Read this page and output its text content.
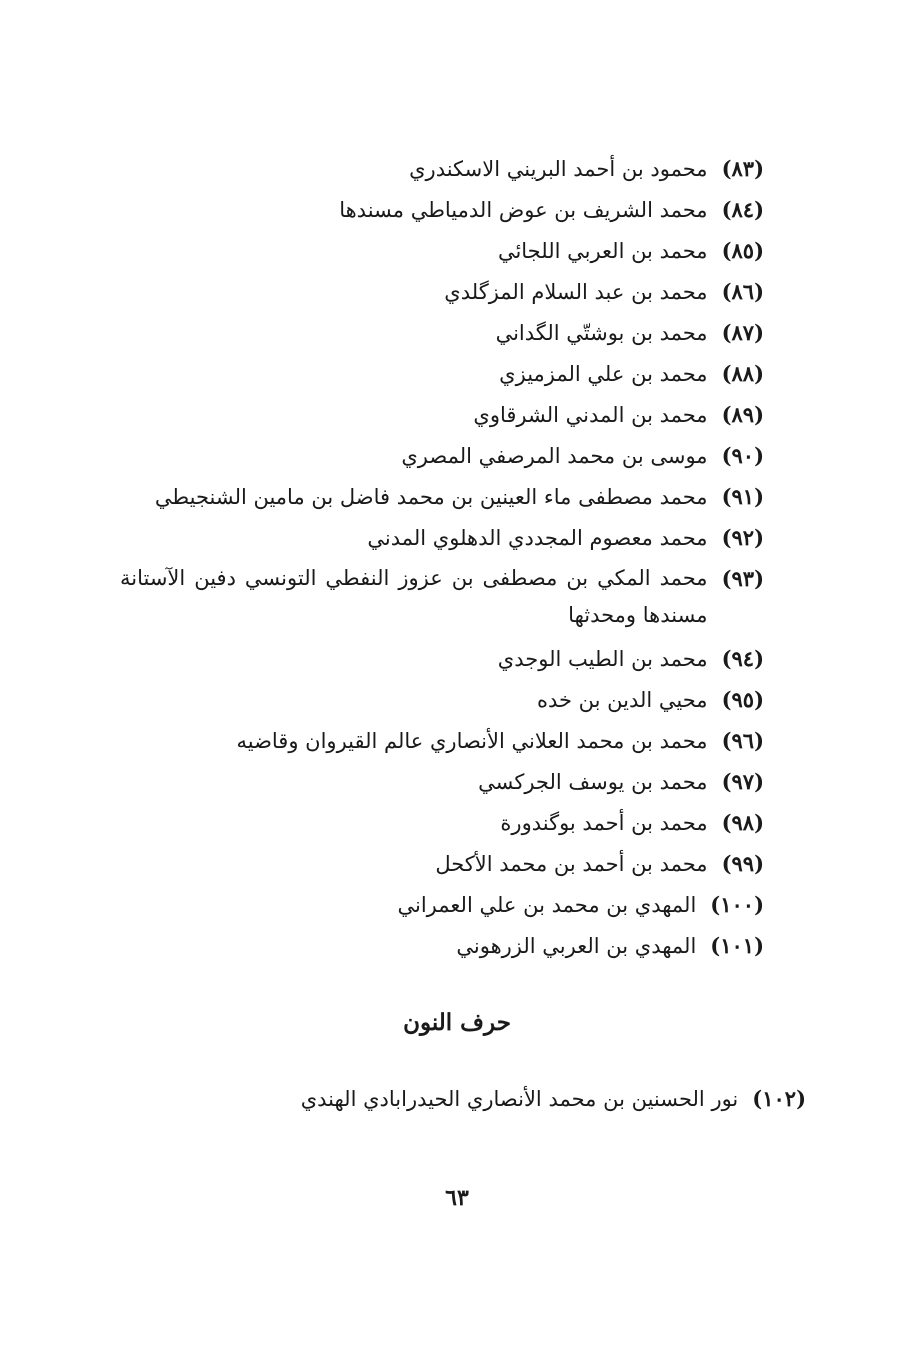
(٨٣)
محمود بن أحمد البريني الاسكندري
(٨٤)
محمد الشريف بن عوض الدمياطي مسندها
(٨٥)
محمد بن العربي اللجائي
(٨٦)
محمد بن عبد السلام المزگلدي
(٨٧)
محمد بن بوشتّي الگداني
(٨٨)
محمد بن علي المزميزي
(٨٩)
محمد بن المدني الشرقاوي
(٩٠)
موسى بن محمد المرصفي المصري
(٩١)
محمد مصطفى ماء العينين بن محمد فاضل بن مامين الشنجيطي
(٩٢)
محمد معصوم المجددي الدهلوي المدني
(٩٣)
محمد المكي بن مصطفى بن عزوز النفطي التونسي دفين الآستانة مسندها ومحدثها
(٩٤)
محمد بن الطيب الوجدي
(٩٥)
محيي الدين بن خده
(٩٦)
محمد بن محمد العلاني الأنصاري عالم القيروان وقاضيه
(٩٧)
محمد بن يوسف الجركسي
(٩٨)
محمد بن أحمد بوگندورة
(٩٩)
محمد بن أحمد بن محمد الأكحل
(١٠٠)
المهدي بن محمد بن علي العمراني
(١٠١)
المهدي بن العربي الزرهوني
حرف النون
(١٠٢)
نور الحسنين بن محمد الأنصاري الحيدرابادي الهندي
٦٣
